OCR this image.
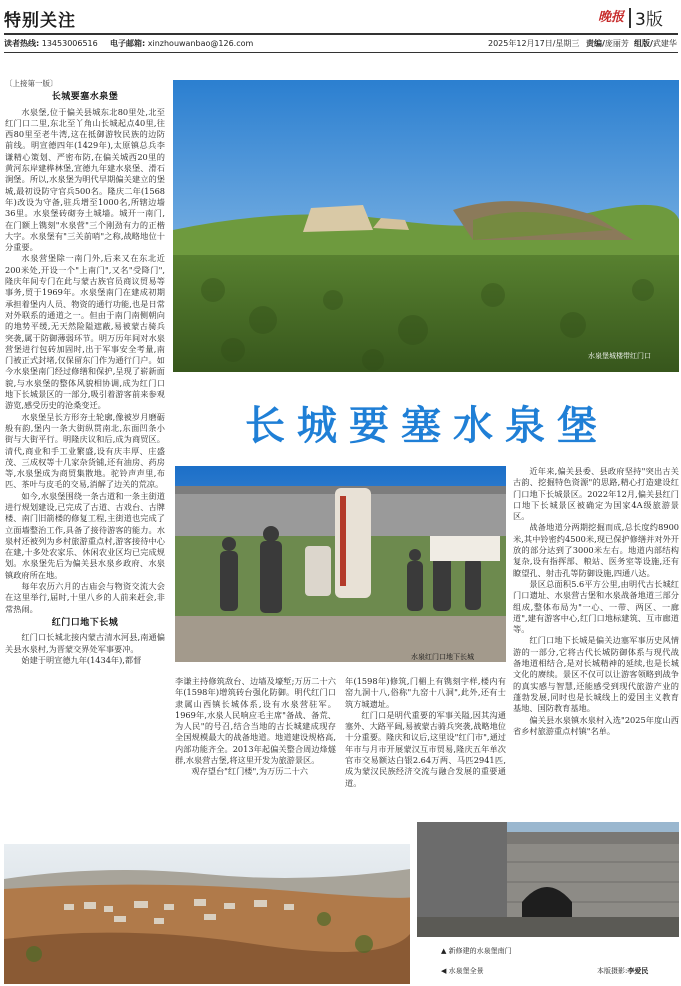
特别关注	晚报 3版
读者热线: 13453006516 电子邮箱: xinzhouwanbao@126.com	2025年12月17日/星期三 责编/庞丽芳 组版/武建华

〔上接第一版〕

长城要塞水泉堡

水泉堡,位于偏关县城东北80里处,北至红门口二里,东北至丫角山长城起点40里,往西80里至老牛湾,这在抵御游牧民族的边防前线。明宣德四年(1429年),太原镇总兵李谦精心策划、严密布防,在偏关城西20里的黄河东岸建桦林堡,宣德九年建水泉堡、滑石涧堡。所以,水泉堡为明代早期偏关建立的堡城,最初设防守官兵500名。隆庆二年(1568年)改设为守备,驻兵增至1000名,所辖边墙36里。水泉堡砖砌夯土城墙。城开一南门,在门额上镌刻"水泉营"三个刚劲有力的正楷大字。水泉堡有"三关前哨"之称,战略地位十分重要。

水泉营堡除一南门外,后来又在东北近200米处,开设一个"上南门",又名"受降门",隆庆年间专门在此与蒙古族官员商议贸易等事务,贸于1969年。水泉堡南门在建成初期承担着堡内人员、物资的通行功能,也是日常对外联系的通道之一。但由于南门南侧朝向的地势平缓,无天然险隘遮蔽,易被蒙古骑兵突袭,属于防御薄弱环节。明万历年间对水泉营堡进行包砖加固时,出于军事安全考量,南门被正式封堵,仅保留东门作为通行门户。如今水泉堡南门经过修缮和保护,呈现了崭新面貌,与水泉堡的整体风貌相协调,成为红门口地下长城景区的一部分,吸引着游客前来参观游览,感受历史的沧桑变迁。

水泉堡呈长方形夯土轮廓,像被岁月磨砺般有韵,堡内一条大街纵贯南北,东面凹条小街与大街平行。明隆庆议和后,成为商贸区。清代,商业和手工业繁盛,设有庆丰厚、庄盛茂、三成权等十几家杂货铺,还有油房、药房等,水泉堡成为商贸集散地。驼铃声声里,布匹、茶叶与皮毛的交易,消解了边关的荒凉。

如今,水泉堡围绕一条古道和一条主街道进行规划建设,已完成了古道、古戏台、古牌楼、南门旧箭楼的修复工程,主街道也完成了立面墙整治工作,具备了接待游客的能力。水泉村还被列为乡村旅游重点村,游客接待中心在建,十多处农家乐、休闲农业区均已完成规划。水泉堡先后为偏关县水泉乡政府、水泉镇政府所在地。

每年农历六月的古庙会与物资交流大会在这里举行,届时,十里八乡的人前来赶会,非常热闹。

红门口地下长城

红门口长城北接内蒙古清水河县,南通偏关县水泉村,为晋蒙交界处军事要冲。

始建于明宣德九年(1434年),都督

水泉堡城楼带红门口
长城要塞水泉堡
水泉红门口地下长城

近年来,偏关县委、县政府坚持"突出古关古韵、挖掘特色资源"的思路,精心打造建设红门口地下长城景区。2022年12月,偏关县红门口地下长城景区被确定为国家4A级旅游景区。

战备地道分两期挖掘而成,总长度约8900米,其中铃密约4500米,现已保护修缮并对外开放的部分达到了3000米左右。地道内部结构复杂,设有指挥部、粮站、医务室等设施,还有瞭望孔、射击孔等防御设施,四通八达。

景区总面积5.6平方公里,由明代古长城红门口遗址、水泉营古堡和水泉战备地道三部分组成,整体布局为"一心、一带、两区、一廊道",建有游客中心,红门口地标建筑、互市廊道等。

红门口地下长城是偏关边塞军事历史风情游的一部分,它将古代长城防御体系与现代战备地道相结合,是对长城精神的延续,也是长城文化的赓续。景区不仅可以让游客领略到战争的真实感与智慧,还能感受到现代旅游产业的蓬勃发展,同时也是长城线上的爱国主义教育基地、国防教育基地。

偏关县水泉镇水泉村入选"2025年度山西省乡村旅游重点村镇"名单。

李谦主持修筑敌台、边墙及壕堑;万历二十六年(1598年)增筑砖台强化防御。明代红门口隶属山西镇长城体系,设有水泉营驻军。1969年,水泉人民响应毛主席"备战、备荒、为人民"的号召,结合当地的古长城建成现存全国规模最大的战备地道。地道建设规格高,内部功能齐全。2013年起偏关整合周边烽燧群,水泉营古堡,将这里开发为旅游景区。

观存望台"红门楼",为万历二十六

年(1598年)修筑,门楣上有镌刻字样,楼内有窑九洞十八,俗称"九窑十八洞",此外,还有士筑方城遗址。

红门口是明代重要的军事关隘,因其沟通塞外、大路平阔,易被蒙古骑兵突袭,战略地位十分重要。隆庆和议后,这里设"红门市",通过年市与月市开展蒙汉互市贸易,隆庆五年单次官市交易额达白银2.64万两、马匹2941匹,成为蒙汉民族经济交流与融合发展的重要通道。

▲ 新修建的水泉堡南门
◀ 水泉堡全景	本版摄影:李爱民
